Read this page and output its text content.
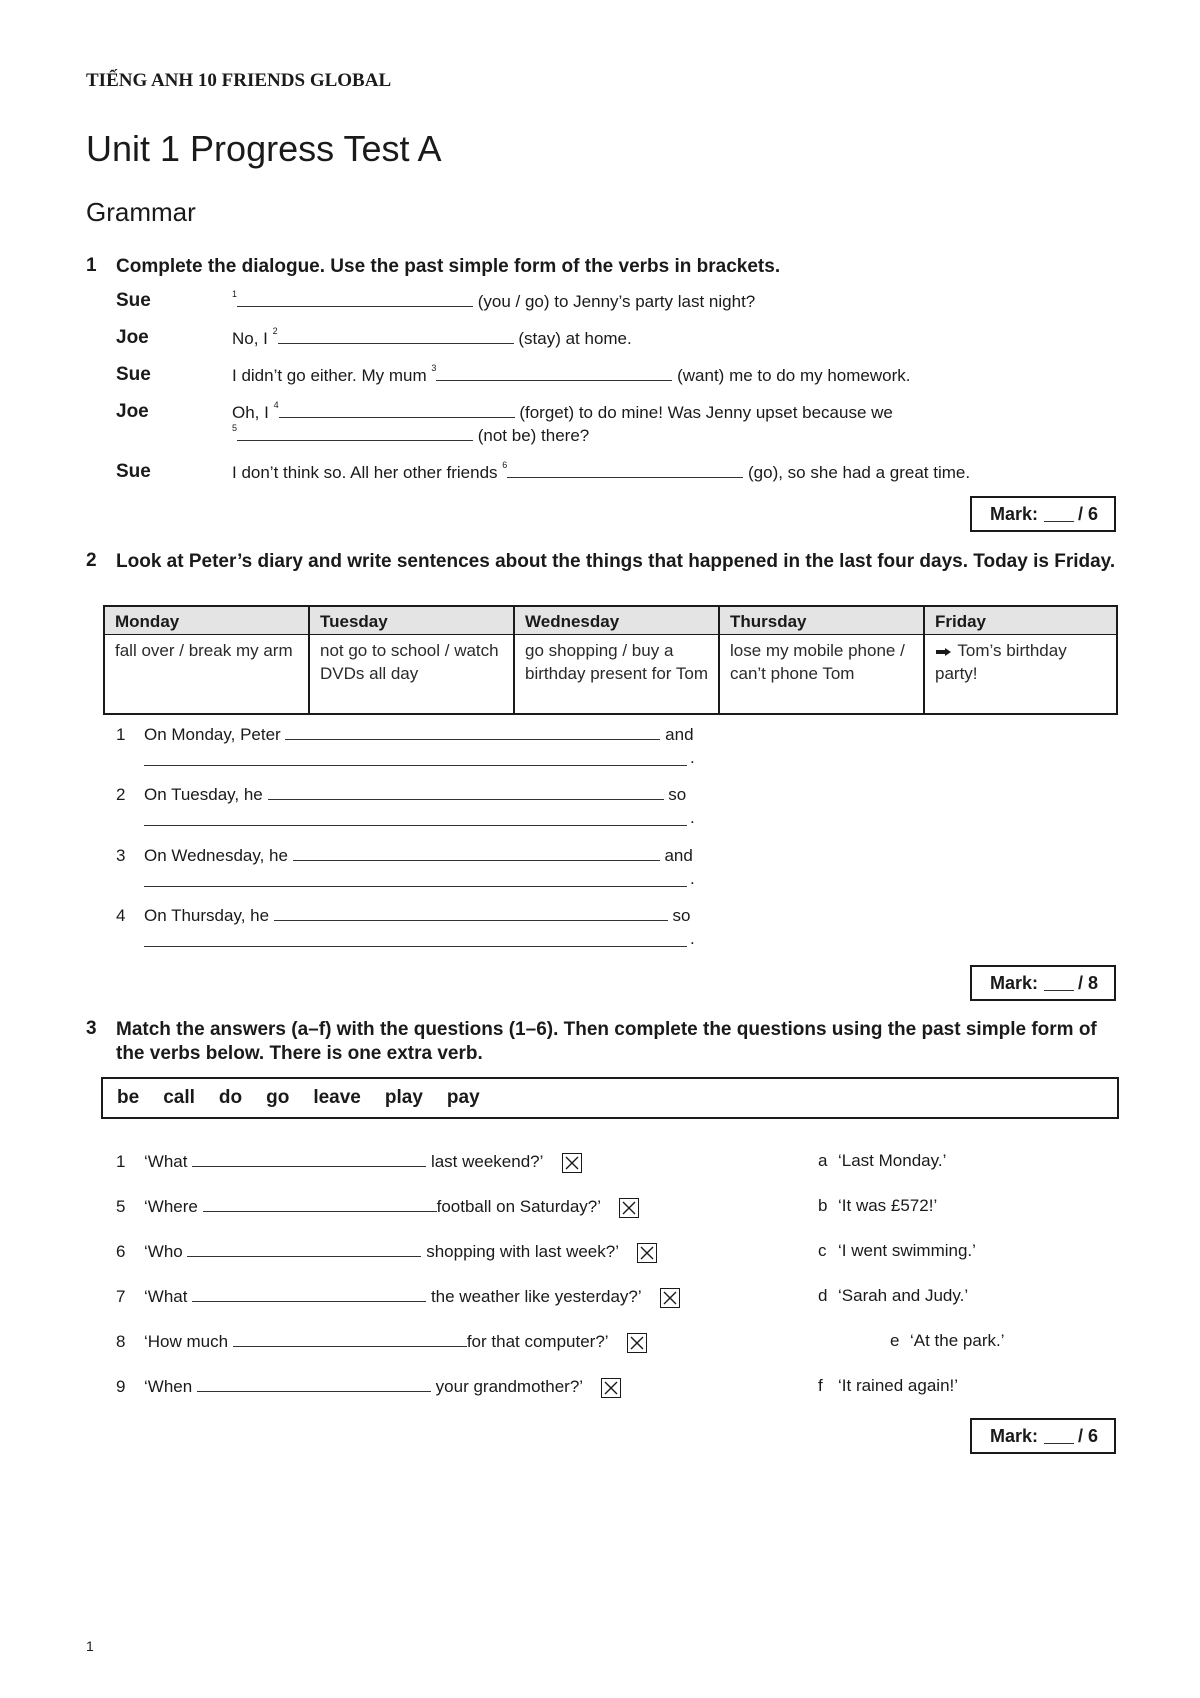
TIẾNG ANH 10 FRIENDS GLOBAL
Unit 1 Progress Test A
Grammar
1 Complete the dialogue. Use the past simple form of the verbs in brackets.
Sue	$^1$	(you / go) to Jenny’s party last night?
Joe	No, I $^2$	(stay) at home.
Sue	I didn’t go either. My mum $^3$	(want) me to do my homework.
Joe	Oh, I $^4$	(forget) to do mine! Was Jenny upset because we
$^5$	(not be) there?
Sue	I don’t think so. All her other friends $^6$	(go), so she had a great time.
Mark: / 6
2 Look at Peter’s diary and write sentences about the things that happened in the last four days. Today is Friday.
Monday	Tuesday	Wednesday	Thursday	Friday
fall over / break my arm	not go to school / watch DVDs all day	go shopping / buy a birthday present for Tom	lose my mobile phone / can’t phone Tom	Tom’s birthday party!
1 On Monday, Peter	and
.
2 On Tuesday, he	so
.
3 On Wednesday, he	and
.
4 On Thursday, he	so
.
Mark: / 8
3 Match the answers (a–f) with the questions (1–6). Then complete the questions using the past simple form of the verbs below. There is one extra verb.
be call do go leave play pay
1 ‘What	last weekend?’
5 ‘Where	football on Saturday?’
6 ‘Who	shopping with last week?’
7 ‘What	the weather like yesterday?’
8 ‘How much	for that computer?’
9 ‘When	your grandmother?’
a ‘Last Monday.’
b ‘It was £572!’
c ‘I went swimming.’
d ‘Sarah and Judy.’
e ‘At the park.’
f ‘It rained again!’
Mark: / 6
1
